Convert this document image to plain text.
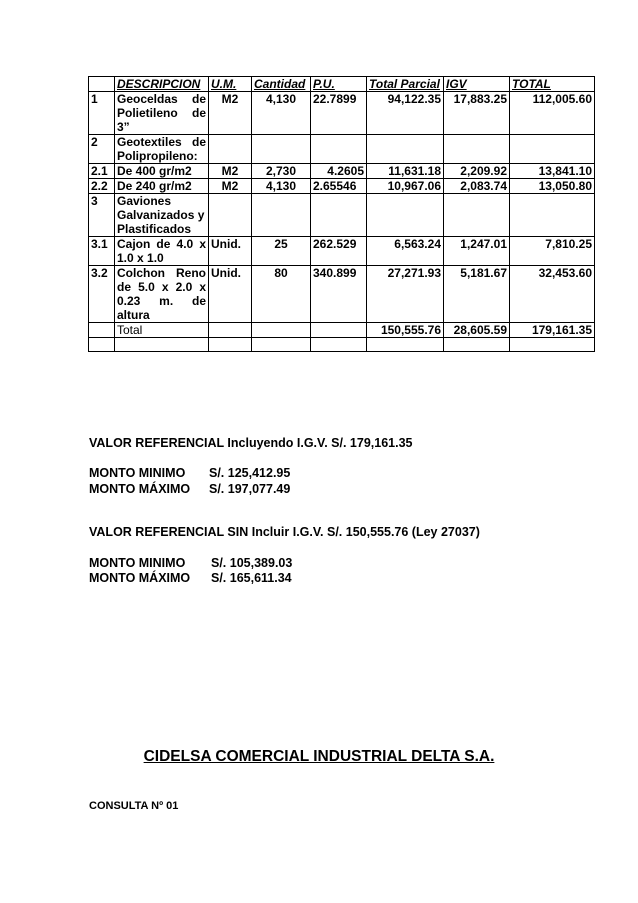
	DESCRIPCION	U.M.	Cantidad	P.U.	Total Parcial	IGV	TOTAL
1	Geoceldas de Polietileno de 3”	M2	4,130	22.7899	94,122.35	17,883.25	112,005.60
2	Geotextiles de Polipropileno:						
2.1	De 400 gr/m2	M2	2,730	4.2605	11,631.18	2,209.92	13,841.10
2.2	De 240 gr/m2	M2	4,130	2.65546	10,967.06	2,083.74	13,050.80
3	Gaviones Galvanizados y Plastificados						
3.1	Cajon de 4.0 x 1.0 x 1.0	Unid.	25	262.529	6,563.24	1,247.01	7,810.25
3.2	Colchon Reno de 5.0 x 2.0 x 0.23 m. de altura	Unid.	80	340.899	27,271.93	5,181.67	32,453.60
	Total				150,555.76	28,605.59	179,161.35

VALOR REFERENCIAL Incluyendo I.G.V. S/. 179,161.35
MONTO MINIMO S/. 125,412.95
MONTO MÁXIMO S/. 197,077.49
VALOR REFERENCIAL SIN Incluir I.G.V. S/. 150,555.76 (Ley 27037)
MONTO MINIMO S/. 105,389.03
MONTO MÁXIMO S/. 165,611.34
CIDELSA COMERCIAL INDUSTRIAL DELTA S.A.
CONSULTA Nº 01
